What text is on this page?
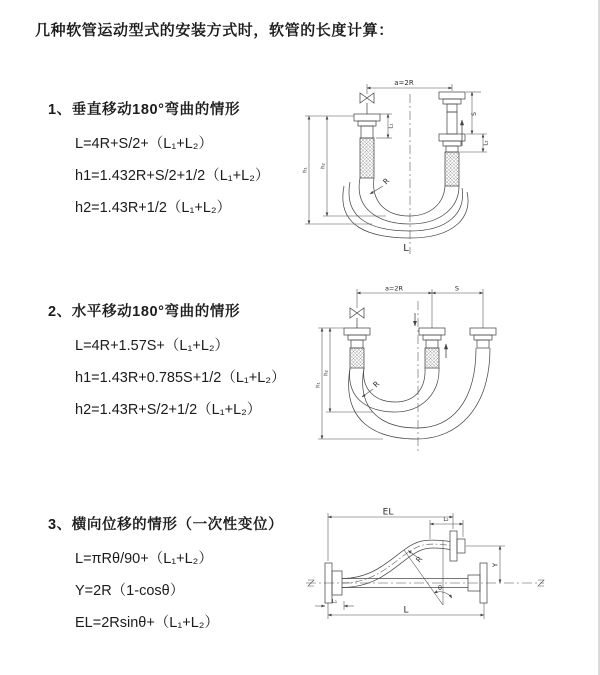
几种软管运动型式的安装方式时，软管的长度计算：
1、垂直移动180°弯曲的情形
L=4R+S/2+（L₁+L₂）
h1=1.432R+S/2+1/2（L₁+L₂）
h2=1.43R+1/2（L₁+L₂）
2、水平移动180°弯曲的情形
L=4R+1.57S+（L₁+L₂）
h1=1.43R+0.785S+1/2（L₁+L₂）
h2=1.43R+S/2+1/2（L₁+L₂）
3、横向位移的情形（一次性变位）
L=πRθ/90+（L₁+L₂）
Y=2R（1-cosθ）
EL=2Rsinθ+（L₁+L₂）
a=2R
L₁
S
L₂
h₁
h₂
R
L
a=2R	S
h₁
h₂
R
EL
L₂
Y
R
θ
L
L₁
